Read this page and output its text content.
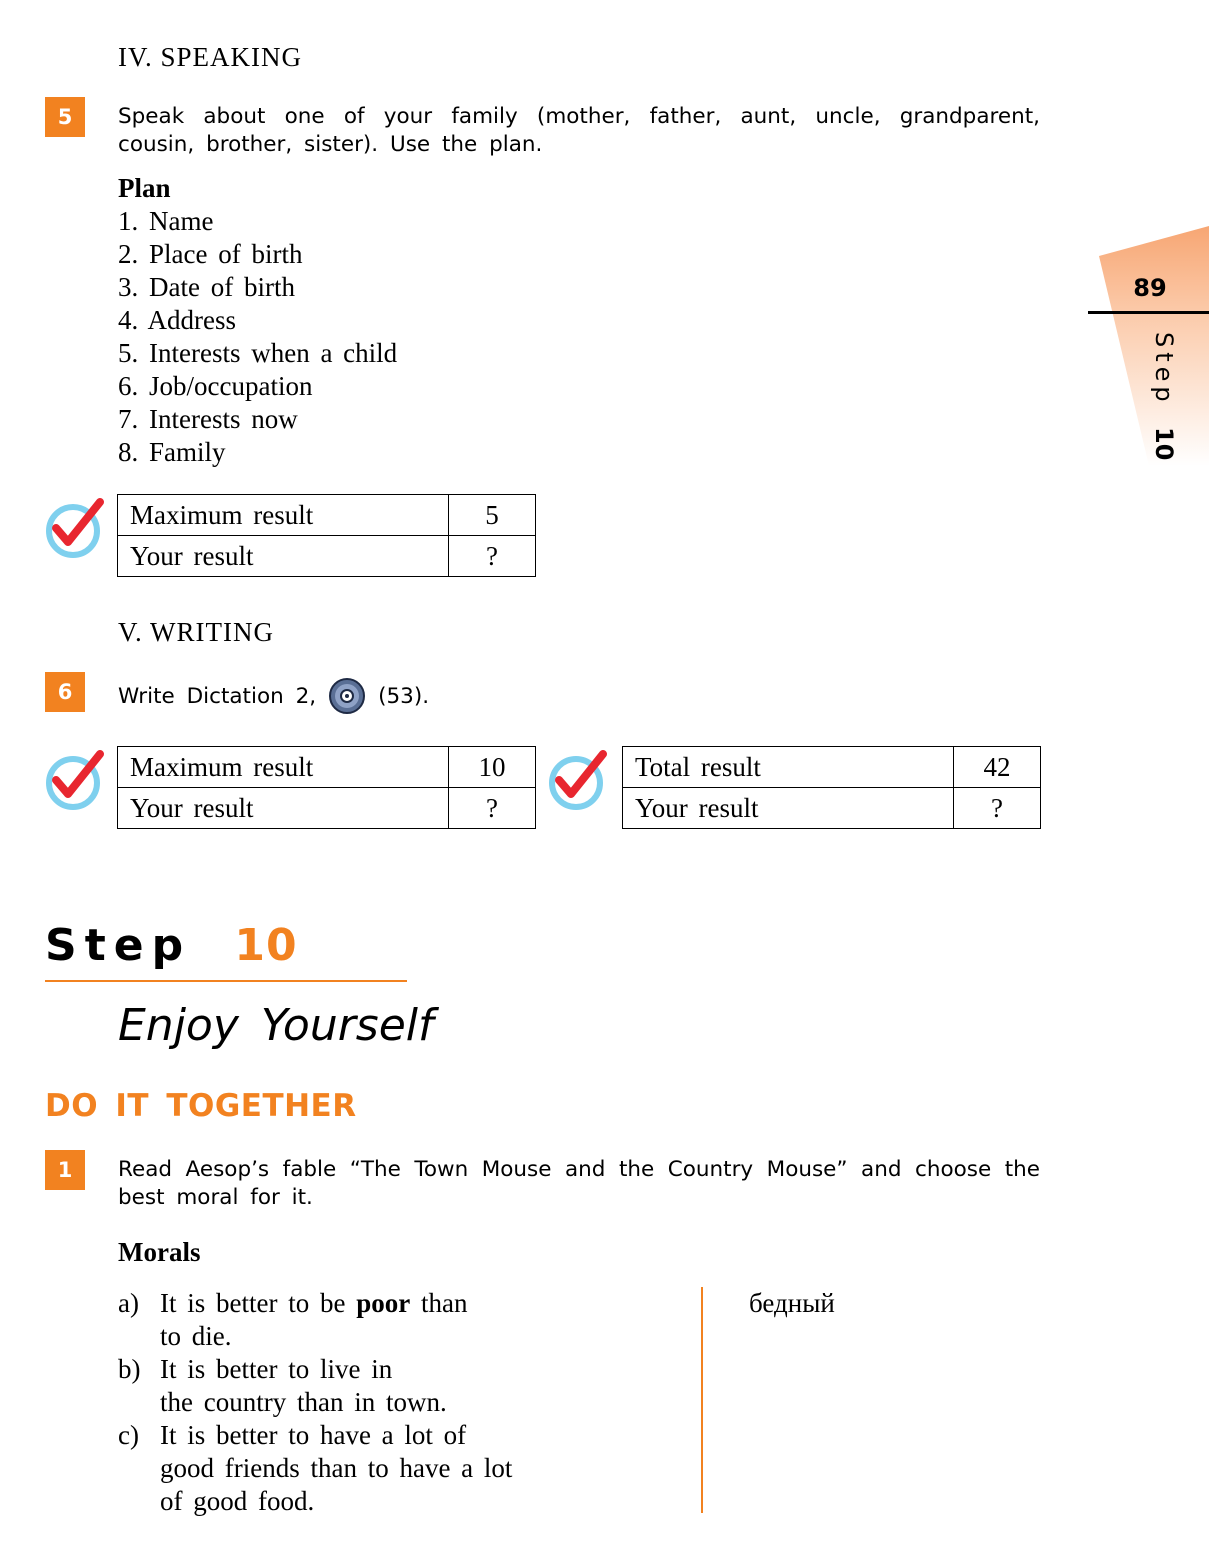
IV. SPEAKING
5	Speak about one of your family (mother, father, aunt, uncle, grandparent, cousin, brother, sister). Use the plan.
Plan
1. Name
2. Place of birth
3. Date of birth
4. Address
5. Interests when a child
6. Job/occupation
7. Interests now
8. Family
Maximum result	5
Your result	?
89
Step 10
V. WRITING
6	Write Dictation 2,	(53).
Maximum result	10
Your result	?
Total result	42
Your result	?
Step 10
Enjoy Yourself
DO IT TOGETHER
1	Read Aesop’s fable “The Town Mouse and the Country Mouse” and choose the best moral for it.
Morals
a) It is better to be poor than
to die.
b) It is better to live in
the country than in town.
c) It is better to have a lot of
good friends than to have a lot
of good food.
бедный
